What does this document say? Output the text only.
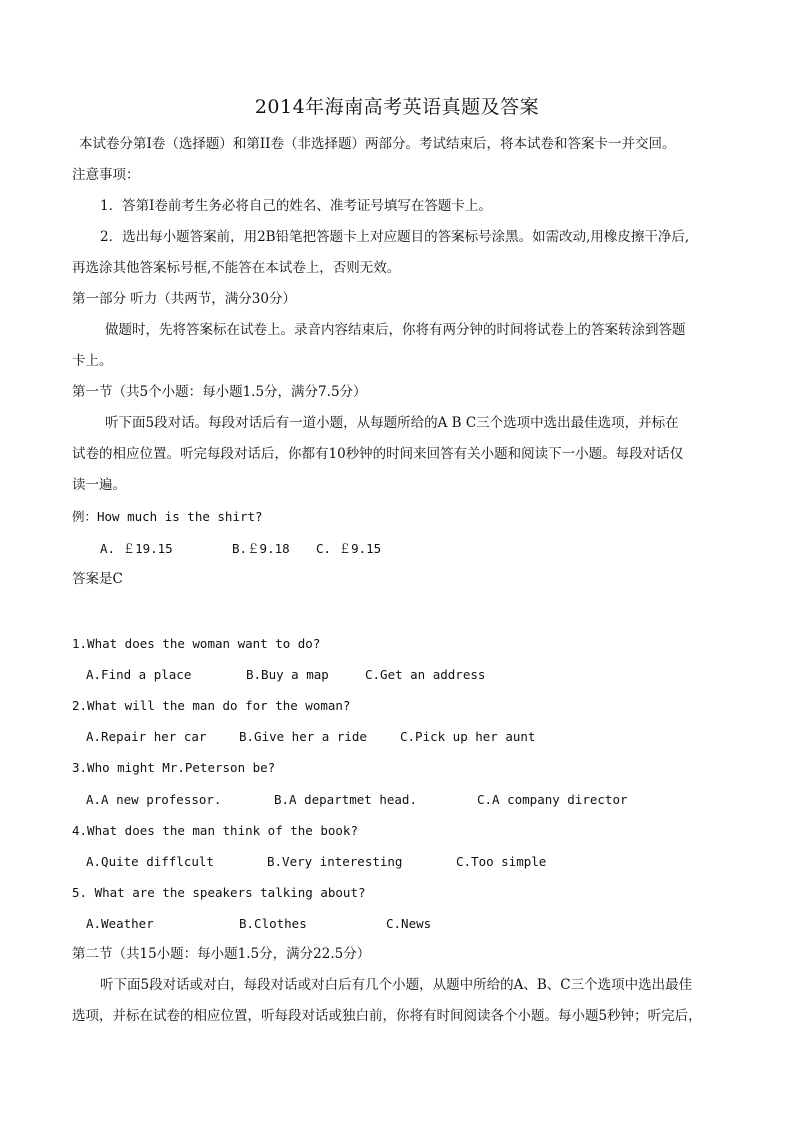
2014年海南高考英语真题及答案
本试卷分第I卷（选择题）和第II卷（非选择题）两部分。考试结束后，将本试卷和答案卡一并交回。
注意事项：
1．答第I卷前考生务必将自己的姓名、准考证号填写在答题卡上。
2．选出每小题答案前，用2B铅笔把答题卡上对应题目的答案标号涂黑。如需改动,用橡皮擦干净后,
再选涂其他答案标号框,不能答在本试卷上，否则无效。
第一部分 听力（共两节，满分30分）
做题时，先将答案标在试卷上。录音内容结束后，你将有两分钟的时间将试卷上的答案转涂到答题
卡上。
第一节（共5个小题：每小题1.5分，满分7.5分）
听下面5段对话。每段对话后有一道小题，从每题所给的A B C三个选项中选出最佳选项，并标在
试卷的相应位置。听完每段对话后，你都有10秒钟的时间来回答有关小题和阅读下一小题。每段对话仅
读一遍。
例：How much is the shirt?
A. ￡19.15	B.￡9.18 C. ￡9.15
答案是C
1.What does the woman want to do?
A.Find a place	B.Buy a map	C.Get an address
2.What will the man do for the woman?
A.Repair her car	B.Give her a ride	C.Pick up her aunt
3.Who might Mr.Peterson be?
A.A new professor.	B.A departmet head.	C.A company director
4.What does the man think of the book?
A.Quite difflcult	B.Very interesting	C.Too simple
5. What are the speakers talking about?
A.Weather	B.Clothes	C.News
第二节（共15小题：每小题1.5分，满分22.5分）
听下面5段对话或对白，每段对话或对白后有几个小题，从题中所给的A、B、C三个选项中选出最佳
选项，并标在试卷的相应位置，听每段对话或独白前，你将有时间阅读各个小题。每小题5秒钟；听完后，
